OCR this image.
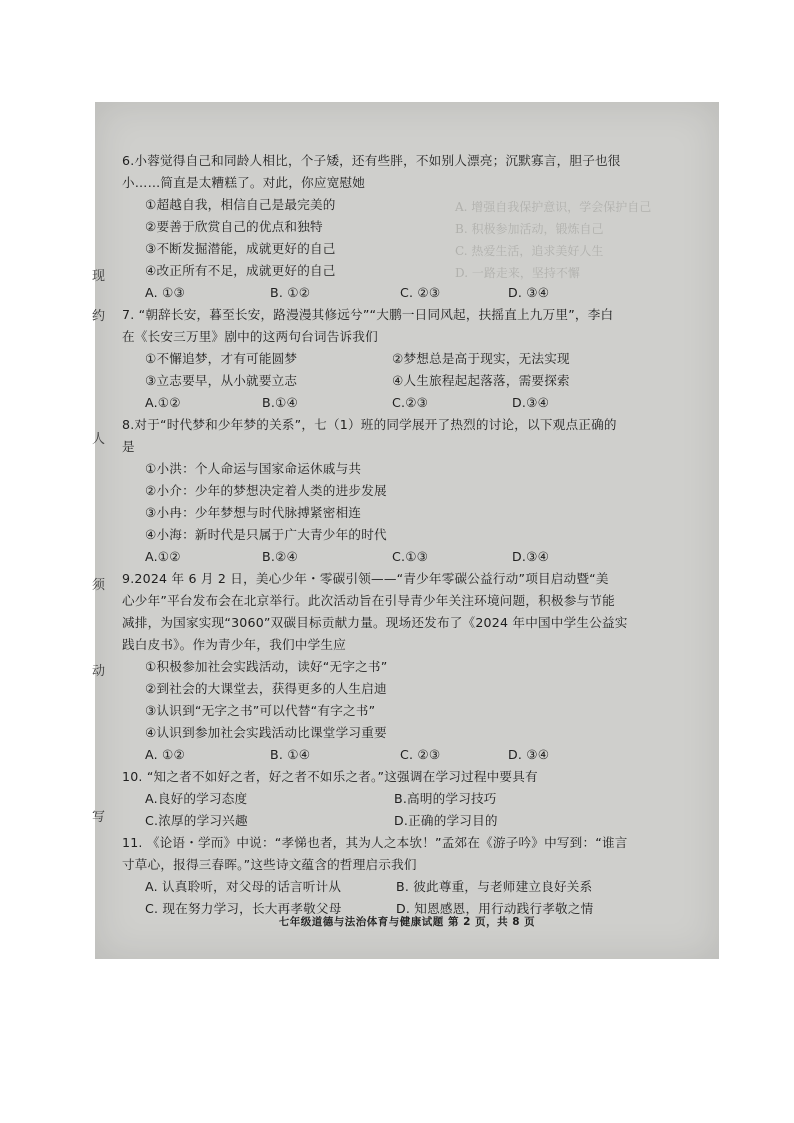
A. 增强自我保护意识，学会保护自己
B. 积极参加活动，锻炼自己
C. 热爱生活，追求美好人生
D. 一路走来，坚持不懈
6.小蓉觉得自己和同龄人相比，个子矮，还有些胖，不如别人漂亮；沉默寡言，胆子也很
小……简直是太糟糕了。对此，你应宽慰她
①超越自我，相信自己是最完美的
②要善于欣赏自己的优点和独特
③不断发掘潜能，成就更好的自己
④改正所有不足，成就更好的自己
A. ①③	B. ①②	C. ②③	D. ③④
7. “朝辞长安，暮至长安，路漫漫其修远兮”“大鹏一日同风起，扶摇直上九万里”，李白
在《长安三万里》剧中的这两句台词告诉我们
①不懈追梦，才有可能圆梦	②梦想总是高于现实，无法实现
③立志要早，从小就要立志	④人生旅程起起落落，需要探索
A.①②	B.①④	C.②③	D.③④
8.对于“时代梦和少年梦的关系”，七（1）班的同学展开了热烈的讨论，以下观点正确的
是
①小洪：个人命运与国家命运休戚与共
②小介：少年的梦想决定着人类的进步发展
③小冉：少年梦想与时代脉搏紧密相连
④小海：新时代是只属于广大青少年的时代
A.①②	B.②④	C.①③	D.③④
9.2024 年 6 月 2 日，美心少年・零碳引领——“青少年零碳公益行动”项目启动暨“美
心少年”平台发布会在北京举行。此次活动旨在引导青少年关注环境问题，积极参与节能
减排，为国家实现“3060”双碳目标贡献力量。现场还发布了《2024 年中国中学生公益实
践白皮书》。作为青少年，我们中学生应
①积极参加社会实践活动，读好“无字之书”
②到社会的大课堂去，获得更多的人生启迪
③认识到“无字之书”可以代替“有字之书”
④认识到参加社会实践活动比课堂学习重要
A. ①②	B. ①④	C. ②③	D. ③④
10. “知之者不如好之者，好之者不如乐之者。”这强调在学习过程中要具有
A.良好的学习态度	B.高明的学习技巧
C.浓厚的学习兴趣	D.正确的学习目的
11. 《论语・学而》中说：“孝悌也者，其为人之本欤！”孟郊在《游子吟》中写到：“谁言
寸草心，报得三春晖。”这些诗文蕴含的哲理启示我们
A. 认真聆听，对父母的话言听计从	B. 彼此尊重，与老师建立良好关系
C. 现在努力学习，长大再孝敬父母	D. 知恩感恩，用行动践行孝敬之情
七年级道德与法治体育与健康试题 第 2 页，共 8 页
现
约
人
须
动
写
